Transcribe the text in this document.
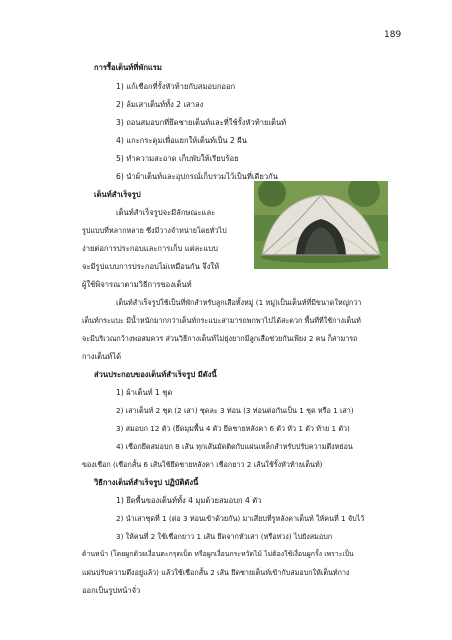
189
การรื้อเต็นท์ที่พักแรม
1) แก้เชือกที่รั้งหัวท้ายกับสมอบกออก
2) ล้มเสาเต็นท์ทั้ง 2 เสาลง
3) ถอนสมอบกที่ยึดชายเต็นท์และที่ใช้รั้งหัวท้ายเต็นท์
4) แกะกระดุมเพื่อแยกให้เต็นท์เป็น 2 ผืน
5) ทำความสะอาด เก็บพับให้เรียบร้อย
6) นำผ้าเต็นท์และอุปกรณ์เก็บรวมไว้เป็นที่เดียวกัน
เต็นท์สำเร็จรูป
เต็นท์สำเร็จรูปจะมีลักษณะและ
รูปแบบที่หลากหลาย ซึ่งมีวางจำหน่ายโดยทั่วไป
ง่ายต่อการประกอบและการเก็บ แต่ละแบบ
จะมีรูปแบบการประกอบไม่เหมือนกัน จึงให้
ผู้ใช้พิจารณาตามวิธีการของเต็นท์
เต็นท์สำเร็จรูปใช้เป็นที่พักสำหรับลูกเสือทั้งหมู่ (1 หมู่)เป็นเต็นท์ที่มีขนาดใหญ่กว่า
เต็นท์กระแบะ มีน้ำหนักมากกว่าเต็นท์กระแบะสามารถพกพาไปได้สะดวก พื้นที่ที่ใช้กางเต็นท์
จะมีบริเวณกว้างพอสมควร ส่วนวิธีกางเต็นท์ไม่ยุ่งยากมีลูกเสือช่วยกันเพียง 2 คน ก็สามารถ
กางเต็นท์ได้
ส่วนประกอบของเต็นท์สำเร็จรูป มีดังนี้
1) ผ้าเต็นท์ 1 ชุด
2) เสาเต็นท์ 2 ชุด (2 เสา) ชุดละ 3 ท่อน (3 ท่อนต่อกันเป็น 1 ชุด หรือ 1 เสา)
3) สมอบก 12 ตัว (ยึดมุมพื้น 4 ตัว ยึดชายหลังคา 6 ตัว หัว 1 ตัว ท้าย 1 ตัว)
4) เชือกยึดสมอบก 8 เส้น ทุกเส้นมัดติดกับแผ่นเหล็กสำหรับปรับความตึงหย่อน
ของเชือก (เชือกสั้น 6 เส้นใช้ยึดชายหลังคา เชือกยาว 2 เส้นใช้รั้งหัวท้ายเต็นท์)
วิธีกางเต็นท์สำเร็จรูป ปฏิบัติดังนี้
1) ยึดพื้นของเต็นท์ทั้ง 4 มุมด้วยสมอบก 4 ตัว
2) นำเสาชุดที่ 1 (ต่อ 3 ท่อนเข้าด้วยกัน) มาเสียบที่รูหลังคาเต็นท์ ให้คนที่ 1 จับไว้
3) ให้คนที่ 2 ใช้เชือกยาว 1 เส้น ยึดจากหัวเสา (หรือห่วง) ไปยังสมอบก
ด้านหน้า (โดยผูกด้วยเงื่อนตะกรุดเบ็ด หรือผูกเงื่อนกระหวัดไม้ ไม่ต้องใช้เงื่อนผูกรั้ง เพราะเป็น
แผ่นปรับความตึงอยู่แล้ว) แล้วใช้เชือกสั้น 2 เส้น ยึดชายเต็นท์เข้ากับสมอบกให้เต็นท์กาง
ออกเป็นรูปหน้าจั่ว
